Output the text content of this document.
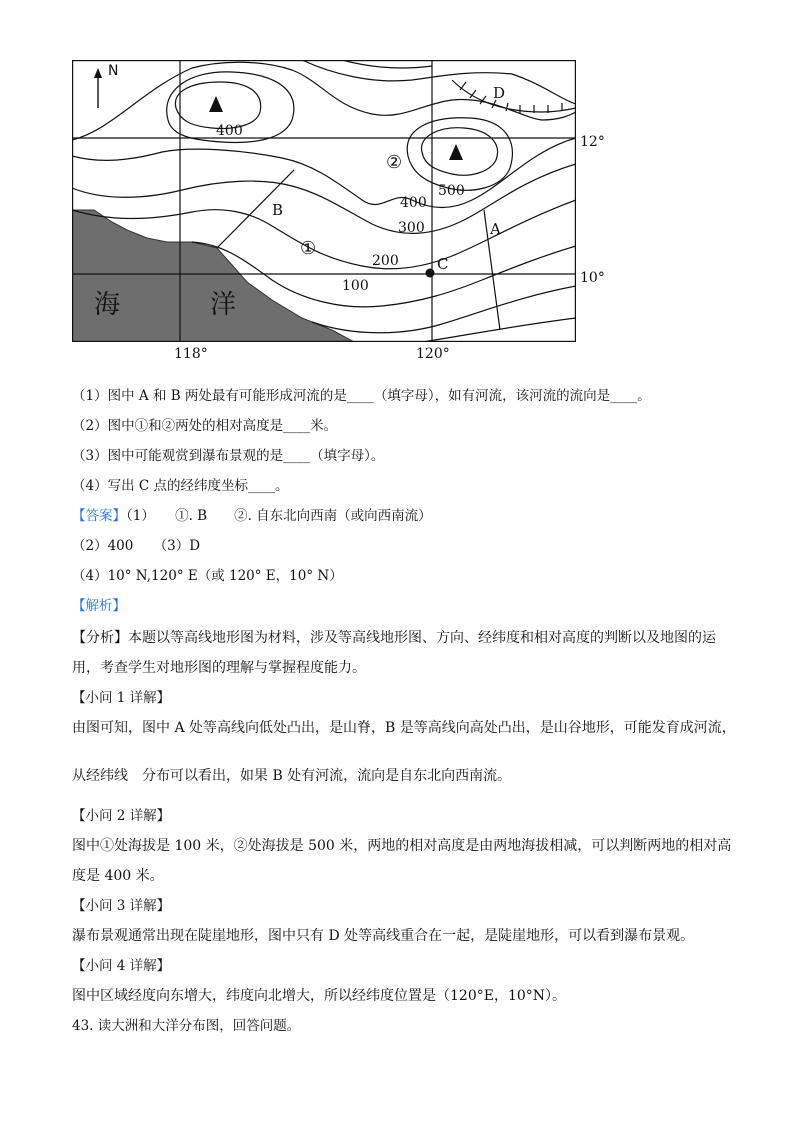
N
400
500
400
300
200
100
A
B
C
D
①
②
海	洋
12°
10°
118°	120°
（1）图中 A 和 B 两处最有可能形成河流的是____（填字母），如有河流，该河流的流向是____。
（2）图中①和②两处的相对高度是____米。
（3）图中可能观赏到瀑布景观的是____（填字母）。
（4）写出 C 点的经纬度坐标____。
【答案】（1）　　①. B　　②. 自东北向西南（或向西南流）
（2）400　　（3）D
（4）10° N,120° E（或 120° E，10° N）
【解析】
【分析】本题以等高线地形图为材料，涉及等高线地形图、方向、经纬度和相对高度的判断以及地图的运
用，考查学生对地形图的理解与掌握程度能力。
【小问 1 详解】
由图可知，图中 A 处等高线向低处凸出，是山脊，B 是等高线向高处凸出，是山谷地形，可能发育成河流，
从经纬线　分布可以看出，如果 B 处有河流，流向是自东北向西南流。
【小问 2 详解】
图中①处海拔是 100 米，②处海拔是 500 米，两地的相对高度是由两地海拔相减，可以判断两地的相对高
度是 400 米。
【小问 3 详解】
瀑布景观通常出现在陡崖地形，图中只有 D 处等高线重合在一起，是陡崖地形，可以看到瀑布景观。
【小问 4 详解】
图中区域经度向东增大，纬度向北增大，所以经纬度位置是（120°E，10°N）。
43. 读大洲和大洋分布图，回答问题。
